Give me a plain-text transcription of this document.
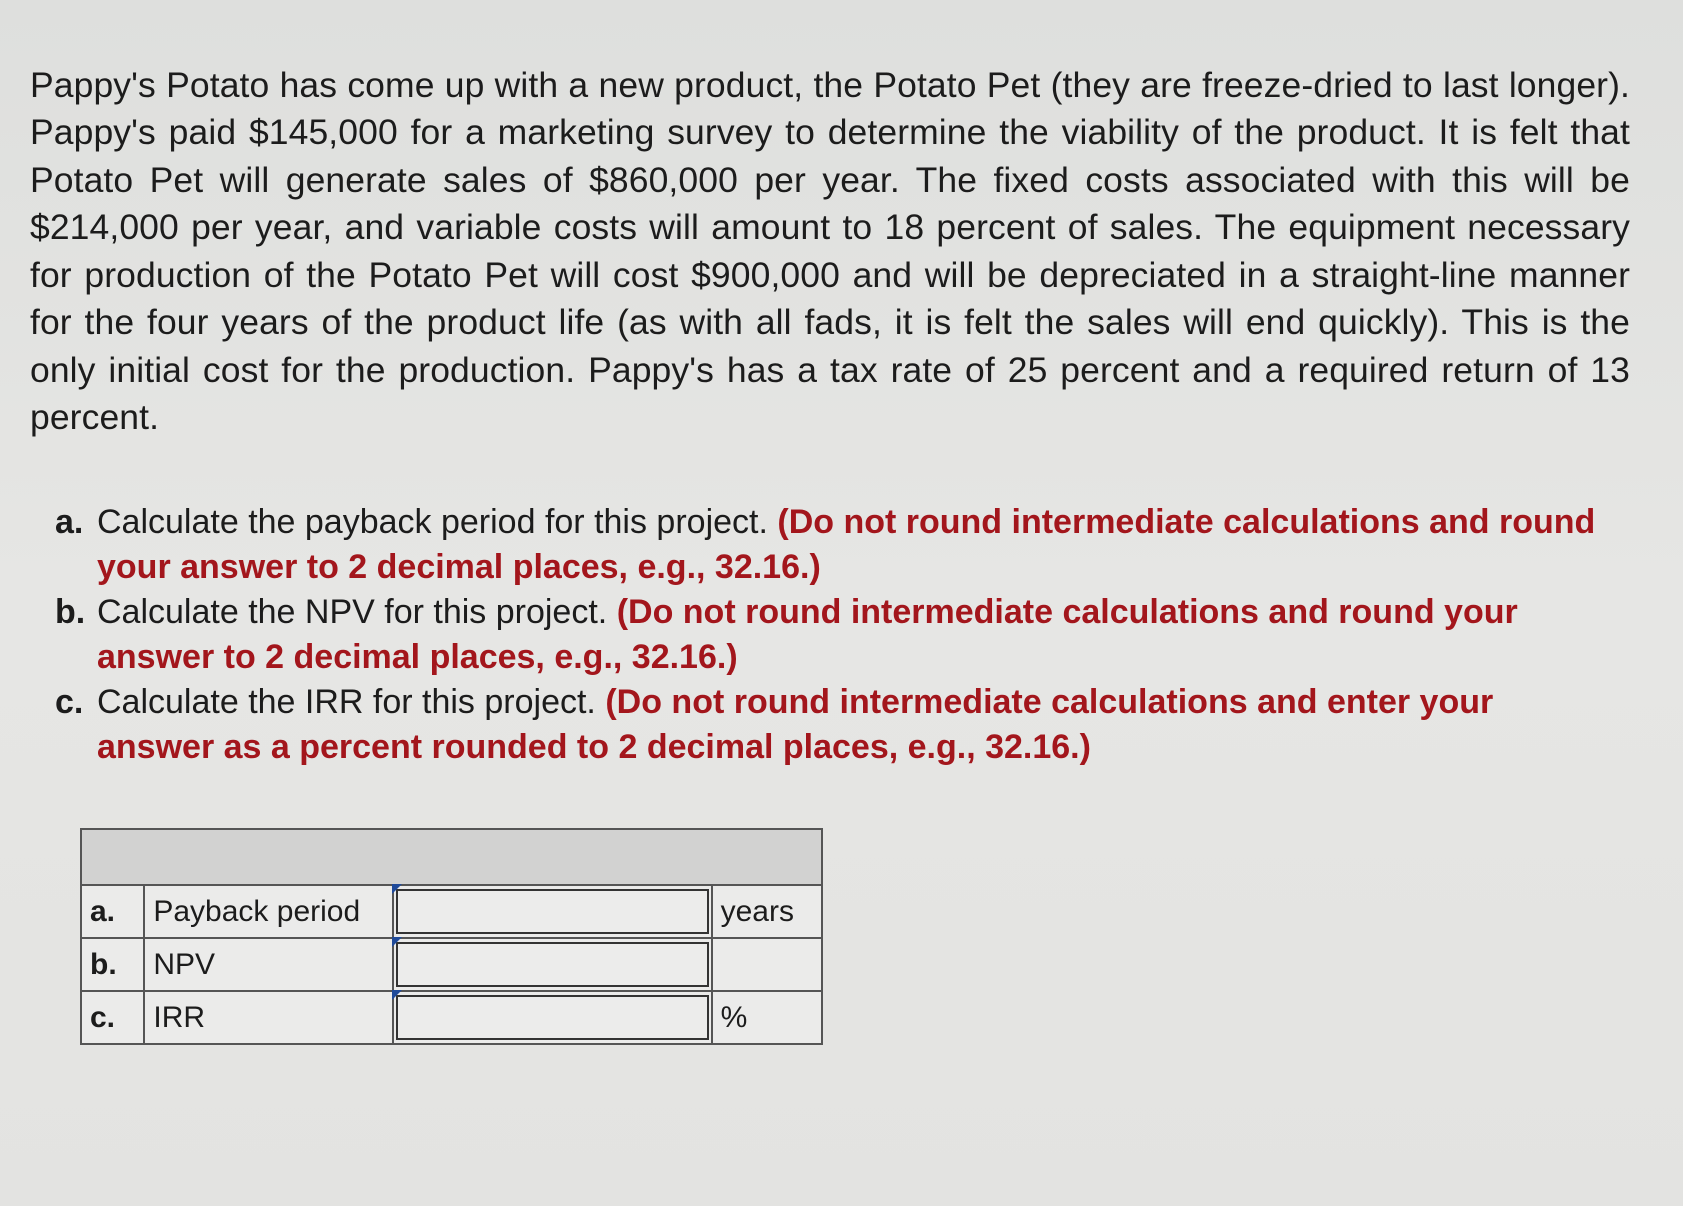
Pappy's Potato has come up with a new product, the Potato Pet (they are freeze-dried to last longer). Pappy's paid $145,000 for a marketing survey to determine the viability of the product. It is felt that Potato Pet will generate sales of $860,000 per year. The fixed costs associated with this will be $214,000 per year, and variable costs will amount to 18 percent of sales. The equipment necessary for production of the Potato Pet will cost $900,000 and will be depreciated in a straight-line manner for the four years of the product life (as with all fads, it is felt the sales will end quickly). This is the only initial cost for the production. Pappy's has a tax rate of 25 percent and a required return of 13 percent.

a. Calculate the payback period for this project. (Do not round intermediate calculations and round your answer to 2 decimal places, e.g., 32.16.)
b. Calculate the NPV for this project. (Do not round intermediate calculations and round your answer to 2 decimal places, e.g., 32.16.)
c. Calculate the IRR for this project. (Do not round intermediate calculations and enter your answer as a percent rounded to 2 decimal places, e.g., 32.16.)

a.	Payback period		years
b.	NPV	

c.	IRR		%
